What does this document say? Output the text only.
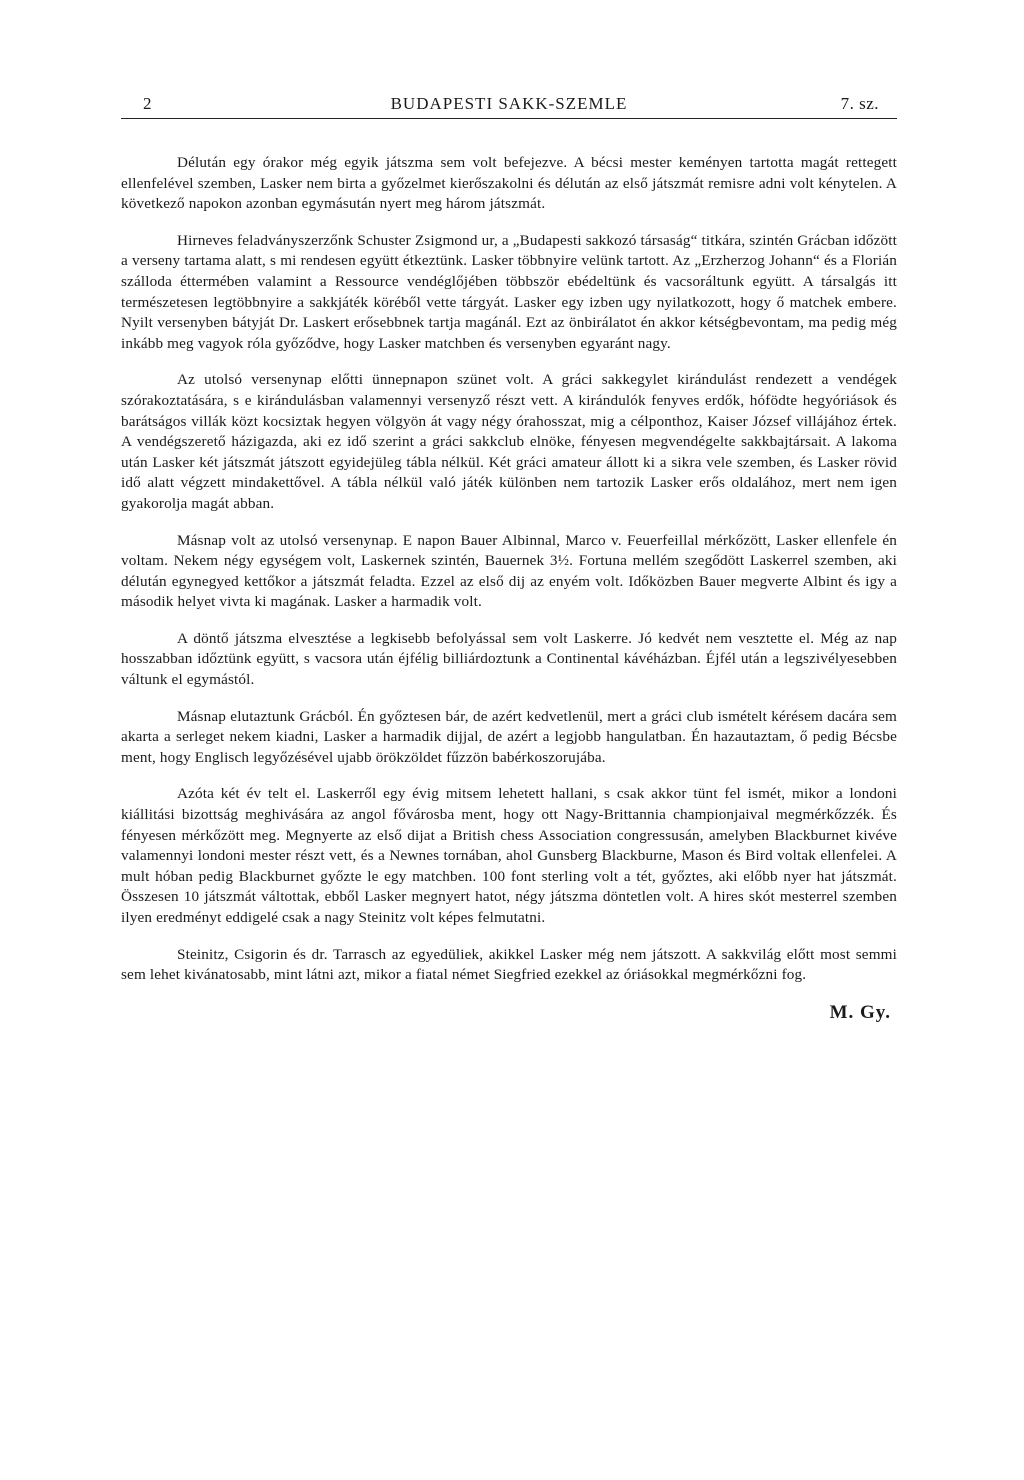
2	BUDAPESTI SAKK-SZEMLE	7. sz.

Délután egy órakor még egyik játszma sem volt befejezve. A bécsi mester keményen tartotta magát rettegett ellenfelével szemben, Lasker nem birta a győzelmet kierőszakolni és délután az első játszmát remisre adni volt kénytelen. A következő napokon azonban egymásután nyert meg három játszmát.

Hirneves feladványszerzőnk Schuster Zsigmond ur, a „Budapesti sakkozó társaság“ titkára, szintén Grácban időzött a verseny tartama alatt, s mi rendesen együtt étkeztünk. Lasker többnyire velünk tartott. Az „Erzherzog Johann“ és a Florián szálloda éttermében valamint a Ressource vendéglőjében többször ebédeltünk és vacsoráltunk együtt. A társalgás itt természetesen legtöbbnyire a sakkjáték köréből vette tárgyát. Lasker egy izben ugy nyilatkozott, hogy ő matchek embere. Nyilt versenyben bátyját Dr. Laskert erősebbnek tartja magánál. Ezt az önbirálatot én akkor kétségbevontam, ma pedig még inkább meg vagyok róla győződve, hogy Lasker matchben és versenyben egyaránt nagy.

Az utolsó versenynap előtti ünnepnapon szünet volt. A gráci sakkegylet kirándulást rendezett a vendégek szórakoztatására, s e kirándulásban valamennyi versenyző részt vett. A kirándulók fenyves erdők, hófödte hegyóriások és barátságos villák közt kocsiztak hegyen völgyön át vagy négy órahosszat, mig a célponthoz, Kaiser József villájához értek. A vendégszerető házigazda, aki ez idő szerint a gráci sakkclub elnöke, fényesen megvendégelte sakkbajtársait. A lakoma után Lasker két játszmát játszott egyidejüleg tábla nélkül. Két gráci amateur állott ki a sikra vele szemben, és Lasker rövid idő alatt végzett mindakettővel. A tábla nélkül való játék különben nem tartozik Lasker erős oldalához, mert nem igen gyakorolja magát abban.

Másnap volt az utolsó versenynap. E napon Bauer Albinnal, Marco v. Feuerfeillal mérkőzött, Lasker ellenfele én voltam. Nekem négy egységem volt, Laskernek szintén, Bauernek 3½. Fortuna mellém szegődött Laskerrel szemben, aki délután egynegyed kettőkor a játszmát feladta. Ezzel az első dij az enyém volt. Időközben Bauer megverte Albint és igy a második helyet vivta ki magának. Lasker a harmadik volt.

A döntő játszma elvesztése a legkisebb befolyással sem volt Laskerre. Jó kedvét nem vesztette el. Még az nap hosszabban időztünk együtt, s vacsora után éjfélig billiárdoztunk a Continental kávéházban. Éjfél után a legszivélyesebben váltunk el egymástól.

Másnap elutaztunk Grácból. Én győztesen bár, de azért kedvetlenül, mert a gráci club ismételt kérésem dacára sem akarta a serleget nekem kiadni, Lasker a harmadik dijjal, de azért a legjobb hangulatban. Én hazautaztam, ő pedig Bécsbe ment, hogy Englisch legyőzésével ujabb örökzöldet fűzzön babérkoszorujába.

Azóta két év telt el. Laskerről egy évig mitsem lehetett hallani, s csak akkor tünt fel ismét, mikor a londoni kiállitási bizottság meghivására az angol fővárosba ment, hogy ott Nagy-Brittannia championjaival megmérkőzzék. És fényesen mérkőzött meg. Megnyerte az első dijat a British chess Association congressusán, amelyben Blackburnet kivéve valamennyi londoni mester részt vett, és a Newnes tornában, ahol Gunsberg Blackburne, Mason és Bird voltak ellenfelei. A mult hóban pedig Blackburnet győzte le egy matchben. 100 font sterling volt a tét, győztes, aki előbb nyer hat játszmát. Összesen 10 játszmát váltottak, ebből Lasker megnyert hatot, négy játszma döntetlen volt. A hires skót mesterrel szemben ilyen eredményt eddigelé csak a nagy Steinitz volt képes felmutatni.

Steinitz, Csigorin és dr. Tarrasch az egyedüliek, akikkel Lasker még nem játszott. A sakkvilág előtt most semmi sem lehet kivánatosabb, mint látni azt, mikor a fiatal német Siegfried ezekkel az óriásokkal megmérkőzni fog.

M. Gy.
